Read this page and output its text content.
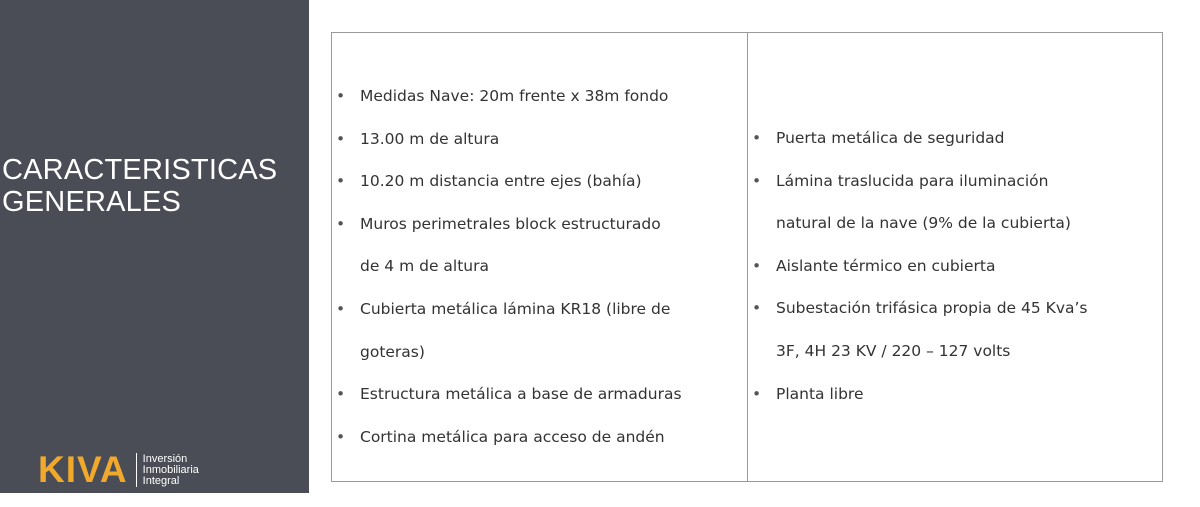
CARACTERISTICAS
GENERALES
KIVA Inversión
Inmobiliaria
Integral
• Medidas Nave: 20m frente x 38m fondo
• 13.00 m de altura
• 10.20 m distancia entre ejes (bahía)
• Muros perimetrales block estructurado
de 4 m de altura
• Cubierta metálica lámina KR18 (libre de
goteras)
• Estructura metálica a base de armaduras
• Cortina metálica para acceso de andén
• Puerta metálica de seguridad
• Lámina traslucida para iluminación
natural de la nave (9% de la cubierta)
• Aislante térmico en cubierta
• Subestación trifásica propia de 45 Kva’s
3F, 4H 23 KV / 220 – 127 volts
• Planta libre
